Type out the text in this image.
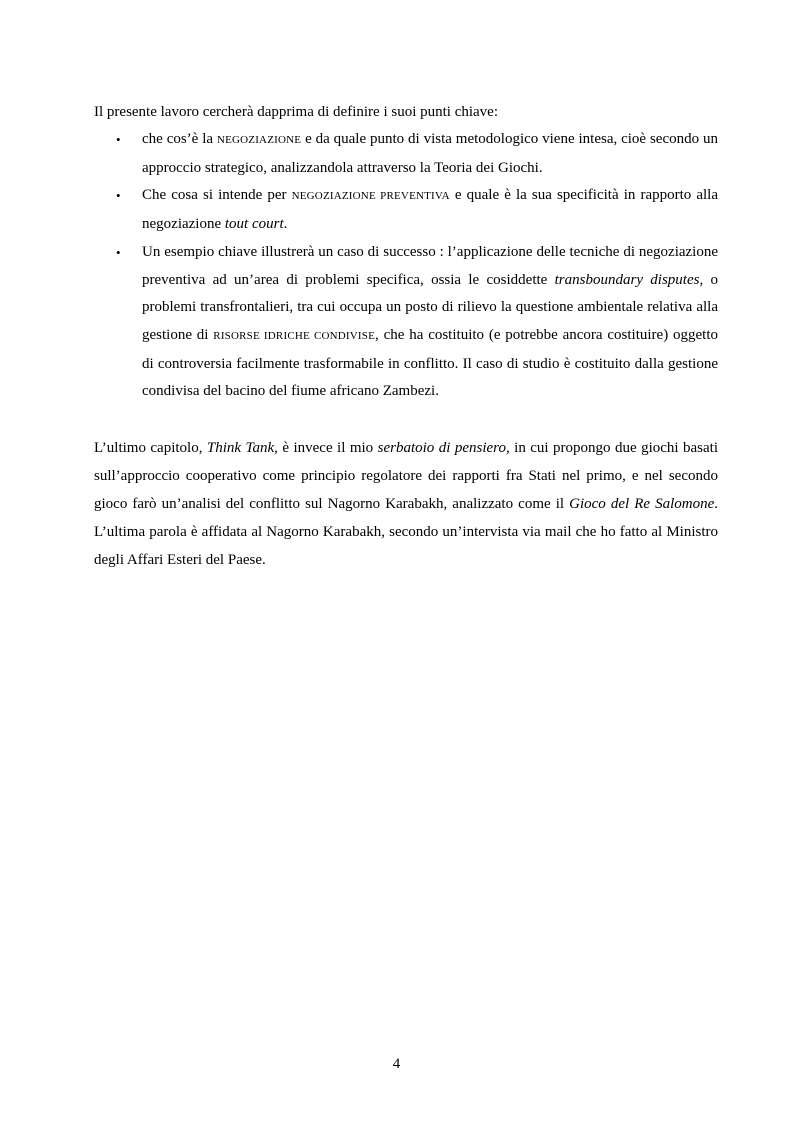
Il presente lavoro cercherà dapprima di definire i suoi punti chiave:

• che cos’è la NEGOZIAZIONE e da quale punto di vista metodologico viene intesa, cioè secondo un approccio strategico, analizzandola attraverso la Teoria dei Giochi.
• Che cosa si intende per NEGOZIAZIONE PREVENTIVA e quale è la sua specificità in rapporto alla negoziazione tout court.
• Un esempio chiave illustrerà un caso di successo : l’applicazione delle tecniche di negoziazione preventiva ad un’area di problemi specifica, ossia le cosiddette transboundary disputes, o problemi transfrontalieri, tra cui occupa un posto di rilievo la questione ambientale relativa alla gestione di RISORSE IDRICHE CONDIVISE, che ha costituito (e potrebbe ancora costituire) oggetto di controversia facilmente trasformabile in conflitto. Il caso di studio è costituito dalla gestione condivisa del bacino del fiume africano Zambezi.

L’ultimo capitolo, Think Tank, è invece il mio serbatoio di pensiero, in cui propongo due giochi basati sull’approccio cooperativo come principio regolatore dei rapporti fra Stati nel primo, e nel secondo gioco farò un’analisi del conflitto sul Nagorno Karabakh, analizzato come il Gioco del Re Salomone. L’ultima parola è affidata al Nagorno Karabakh, secondo un’intervista via mail che ho fatto al Ministro degli Affari Esteri del Paese.

4
